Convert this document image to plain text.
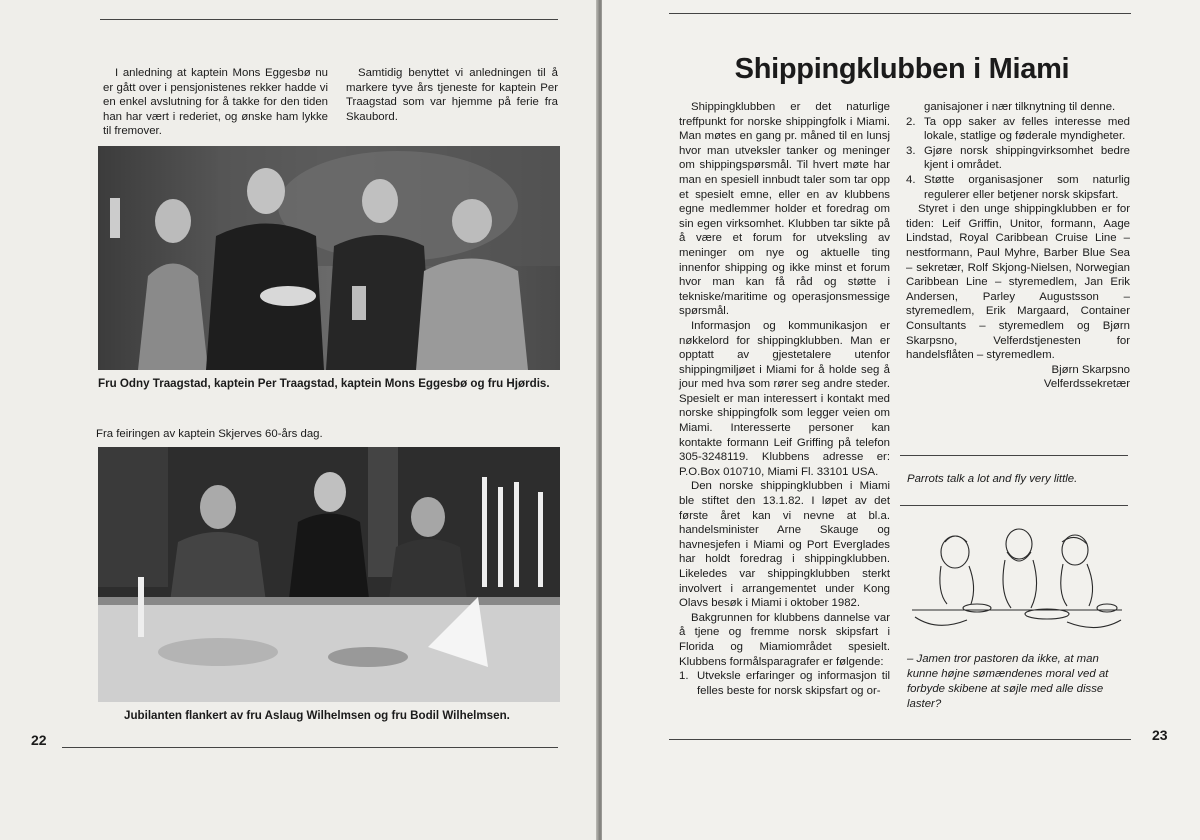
I anledning at kaptein Mons Eggesbø nu er gått over i pensjonistenes rekker hadde vi en enkel avslutning for å takke for den tiden han har vært i rederiet, og ønske ham lykke til fremover.

Samtidig benyttet vi anledningen til å markere tyve års tjeneste for kaptein Per Traagstad som var hjemme på ferie fra Skaubord.

Fru Odny Traagstad, kaptein Per Traagstad, kaptein Mons Eggesbø og fru Hjørdis.

Fra feiringen av kaptein Skjerves 60-års dag.

Jubilanten flankert av fru Aslaug Wilhelmsen og fru Bodil Wilhelmsen.
22
Shippingklubben i Miami

Shippingklubben er det naturlige treffpunkt for norske shippingfolk i Miami. Man møtes en gang pr. måned til en lunsj hvor man utveksler tanker og meninger om shippingspørsmål. Til hvert møte har man en spesiell innbudt taler som tar opp et spesielt emne, eller en av klubbens egne medlemmer holder et foredrag om sin egen virksomhet. Klubben tar sikte på å være et forum for utveksling av meninger om nye og aktuelle ting innenfor shipping og ikke minst et forum hvor man kan få råd og støtte i tekniske/maritime og operasjonsmessige spørsmål.

Informasjon og kommunikasjon er nøkkelord for shippingklubben. Man er opptatt av gjestetalere utenfor shippingmiljøet i Miami for å holde seg å jour med hva som rører seg andre steder. Spesielt er man interessert i kontakt med norske shippingfolk som legger veien om Miami. Interesserte personer kan kontakte formann Leif Griffing på telefon 305-3248119. Klubbens adresse er: P.O.Box 010710, Miami Fl. 33101 USA.

Den norske shippingklubben i Miami ble stiftet den 13.1.82. I løpet av det første året kan vi nevne at bl.a. handelsminister Arne Skauge og havnesjefen i Miami og Port Everglades har holdt foredrag i shippingklubben. Likeledes var shippingklubben sterkt involvert i arrangementet under Kong Olavs besøk i Miami i oktober 1982.

Bakgrunnen for klubbens dannelse var å tjene og fremme norsk skipsfart i Florida og Miamiområdet spesielt. Klubbens formålsparagrafer er følgende:

1. Utveksle erfaringer og informasjon til felles beste for norsk skipsfart og or-

ganisajoner i nær tilknytning til denne.

2. Ta opp saker av felles interesse med lokale, statlige og føderale myndigheter.
3. Gjøre norsk shippingvirksomhet bedre kjent i området.
4. Støtte organisasjoner som naturlig regulerer eller betjener norsk skipsfart.

Styret i den unge shippingklubben er for tiden: Leif Griffin, Unitor, formann, Aage Lindstad, Royal Caribbean Cruise Line – nestformann, Paul Myhre, Barber Blue Sea – sekretær, Rolf Skjong-Nielsen, Norwegian Caribbean Line – styremedlem, Jan Erik Andersen, Parley Augustsson – styremedlem, Erik Margaard, Container Consultants – styremedlem og Bjørn Skarpsno, Velferdstjenesten for handelsflåten – styremedlem.

Bjørn Skarpsno
Velferdssekretær
Parrots talk a lot and fly very little.
– Jamen tror pastoren da ikke, at man kunne højne sømændenes moral ved at forbyde skibene at søjle med alle disse laster?
23
